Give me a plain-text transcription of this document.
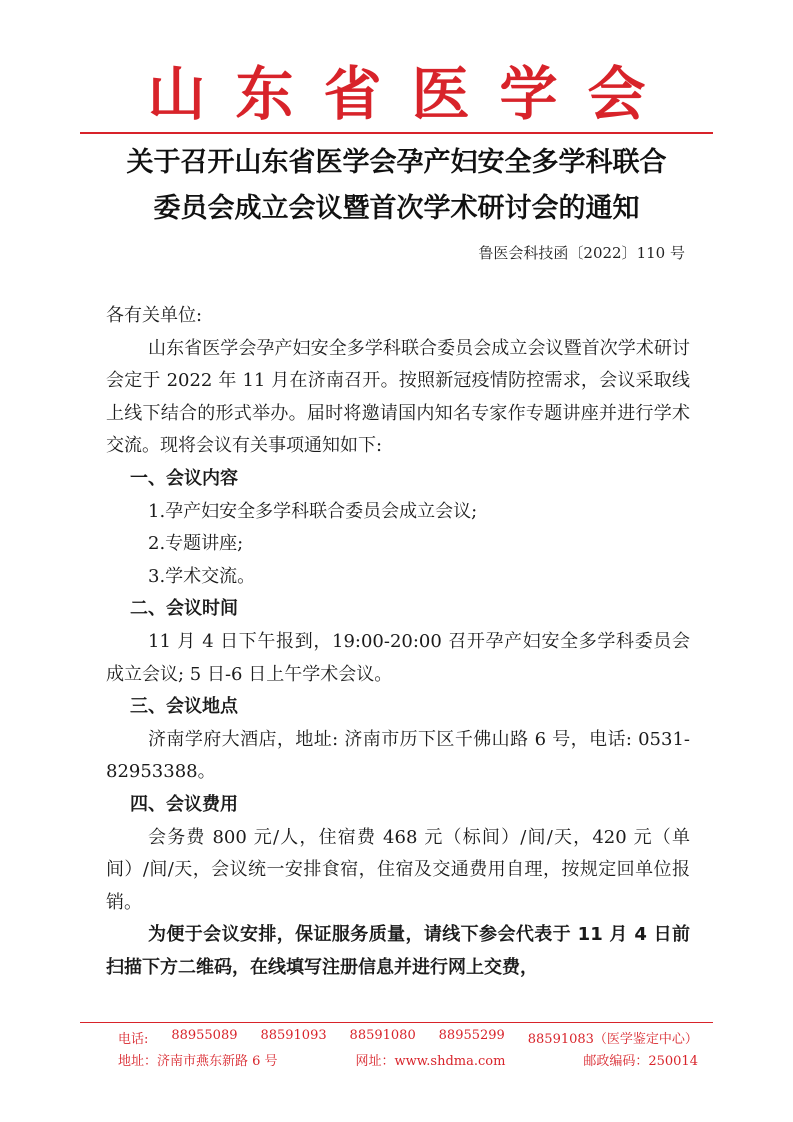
山东省医学会
关于召开山东省医学会孕产妇安全多学科联合
委员会成立会议暨首次学术研讨会的通知
鲁医会科技函〔2022〕110 号

各有关单位:

山东省医学会孕产妇安全多学科联合委员会成立会议暨首次学术研讨会定于 2022 年 11 月在济南召开。按照新冠疫情防控需求，会议采取线上线下结合的形式举办。届时将邀请国内知名专家作专题讲座并进行学术交流。现将会议有关事项通知如下:

一、会议内容

1.孕产妇安全多学科联合委员会成立会议;

2.专题讲座;

3.学术交流。

二、会议时间

11 月 4 日下午报到，19:00-20:00 召开孕产妇安全多学科委员会成立会议; 5 日-6 日上午学术会议。

三、会议地点

济南学府大酒店，地址: 济南市历下区千佛山路 6 号，电话: 0531-82953388。

四、会议费用

会务费 800 元/人，住宿费 468 元（标间）/间/天，420 元（单间）/间/天，会议统一安排食宿，住宿及交通费用自理，按规定回单位报销。

为便于会议安排，保证服务质量，请线下参会代表于 11 月 4 日前扫描下方二维码，在线填写注册信息并进行网上交费，

电话: 88955089 88591093 88591080 88955299 88591083（医学鉴定中心）
地址：济南市燕东新路 6 号	网址：www.shdma.com	邮政编码：250014
